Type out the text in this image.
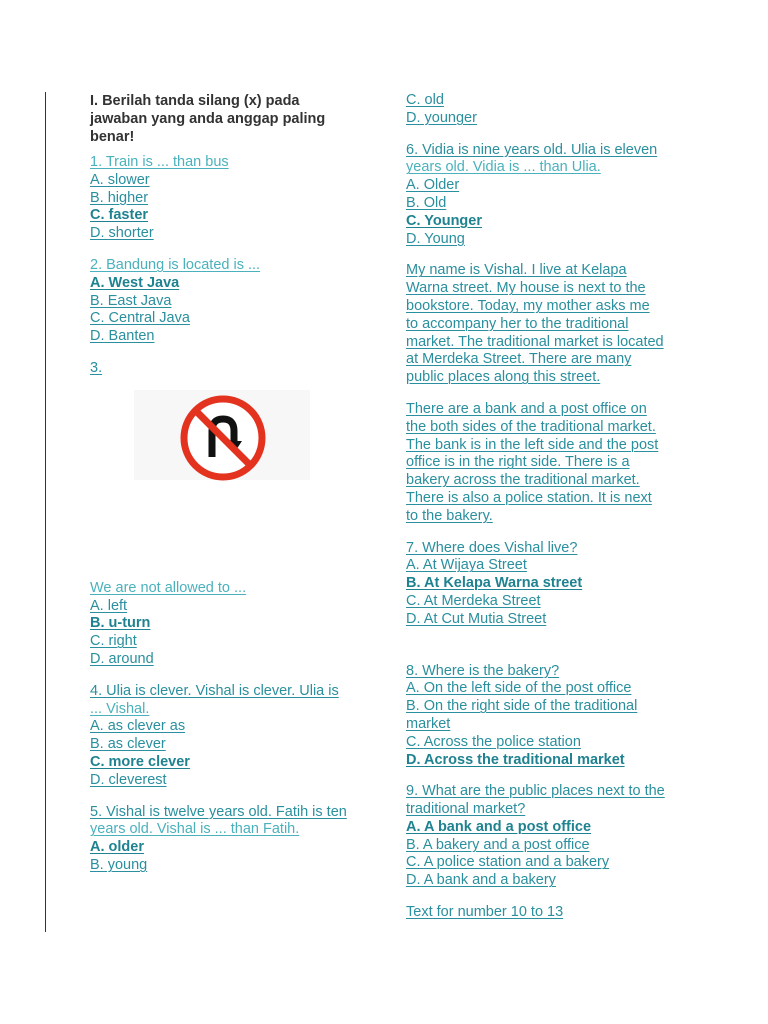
I. Berilah tanda silang (x) pada
jawaban yang anda anggap paling
benar!
1. Train is ... than bus
A. slower
B. higher
C. faster
D. shorter
2. Bandung is located is ...
A. West Java
B. East Java
C. Central Java
D. Banten
3.
We are not allowed to ...
A. left
B. u-turn
C. right
D. around
4. Ulia is clever. Vishal is clever. Ulia is
... Vishal.
A. as clever as
B. as clever
C. more clever
D. cleverest
5. Vishal is twelve years old. Fatih is ten
years old. Vishal is ... than Fatih.
A. older
B. young
C. old
D. younger
6. Vidia is nine years old. Ulia is eleven
years old. Vidia is ... than Ulia.
A. Older
B. Old
C. Younger
D. Young
My name is Vishal. I live at Kelapa
Warna street. My house is next to the
bookstore. Today, my mother asks me
to accompany her to the traditional
market. The traditional market is located
at Merdeka Street. There are many
public places along this street.
There are a bank and a post office on
the both sides of the traditional market.
The bank is in the left side and the post
office is in the right side. There is a
bakery across the traditional market.
There is also a police station. It is next
to the bakery.
7. Where does Vishal live?
A. At Wijaya Street
B. At Kelapa Warna street
C. At Merdeka Street
D. At Cut Mutia Street
8. Where is the bakery?
A. On the left side of the post office
B. On the right side of the traditional
market
C. Across the police station
D. Across the traditional market
9. What are the public places next to the
traditional market?
A. A bank and a post office
B. A bakery and a post office
C. A police station and a bakery
D. A bank and a bakery
Text for number 10 to 13
